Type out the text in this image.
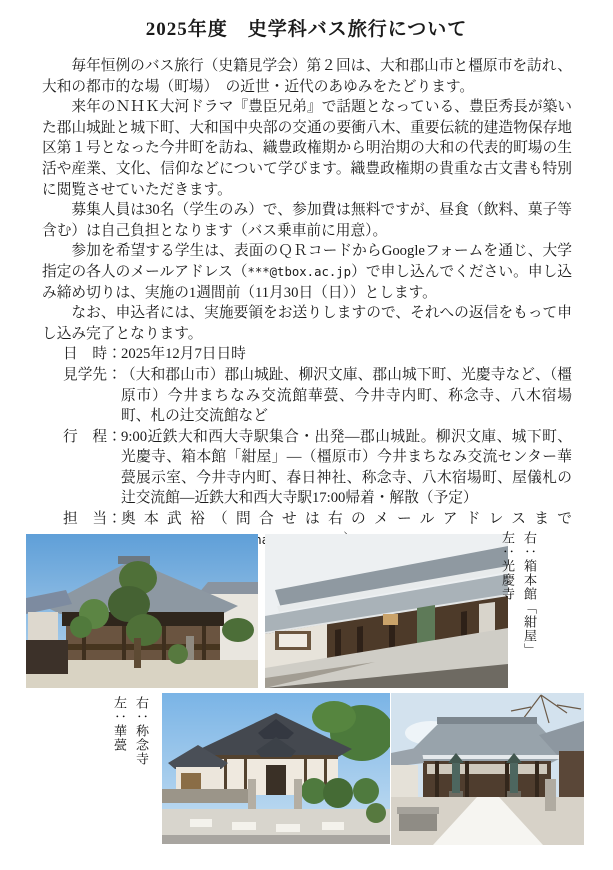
2025年度　史学科バス旅行について

毎年恒例のバス旅行（史籍見学会）第２回は、大和郡山市と橿原市を訪れ、大和の都市的な場（町場）　の近世・近代のあゆみをたどります。

来年のＮＨＫ大河ドラマ『豊臣兄弟』で話題となっている、豊臣秀長が築いた郡山城趾と城下町、大和国中央部の交通の要衝八木、重要伝統的建造物保存地区第１号となった今井町を訪ね、織豊政権期から明治期の大和の代表的町場の生活や産業、文化、信仰などについて学びます。織豊政権期の貴重な古文書も特別に閲覧させていただきます。

募集人員は30名（学生のみ）で、参加費は無料ですが、昼食（飲料、菓子等含む）は自己負担となります（バス乗車前に用意）。

参加を希望する学生は、表面のＱＲコードからGoogleフォームを通じ、大学指定の各人のメールアドレス（***@tbox.ac.jp）で申し込んでください。申し込み締め切りは、実施の1週間前（11月30日（日））とします。

なお、申込者には、実施要領をお送りしますので、それへの返信をもって申し込み完了となります。

日　時： 2025年12月7日日時
見学先： （大和郡山市）郡山城趾、柳沢文庫、郡山城下町、光慶寺など、（橿原市）今井まちなみ交流館華甍、今井寺内町、称念寺、八木宿場町、札の辻交流館など
行　程： 9:00近鉄大和西大寺駅集合・出発―郡山城趾。柳沢文庫、城下町、光慶寺、箱本館「紺屋」―（橿原市）今井まちなみ交流センター華甍展示室、今井寺内町、春日神社、称念寺、八木宿場町、屋儀札の辻交流館―近鉄大和西大寺駅17:00帰着・解散（予定）
担　当： 奥本武裕（問合せは右のメールアドレスまで
右：箱本館「紺屋」
左：光慶寺
右：称念寺
左：華甍
